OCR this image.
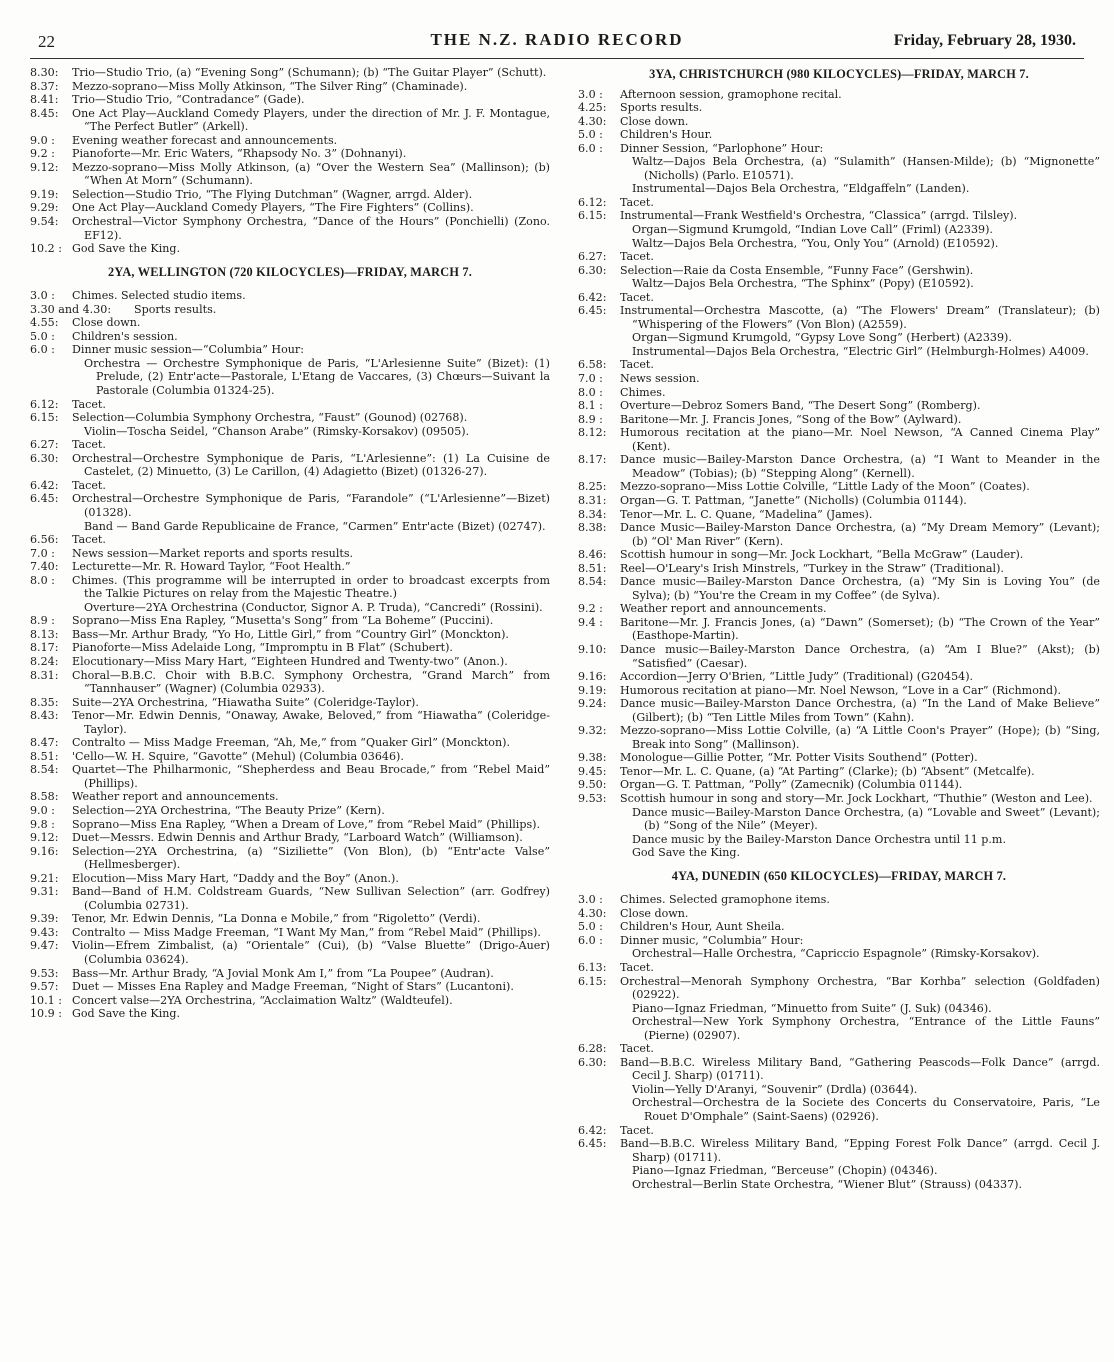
22	THE N.Z. RADIO RECORD	Friday, February 28, 1930.
8.30:	Trio—Studio Trio, (a) “Evening Song” (Schumann); (b) “The Guitar Player” (Schutt).
8.37:	Mezzo-soprano—Miss Molly Atkinson, “The Silver Ring” (Chaminade).
8.41:	Trio—Studio Trio, “Contradance” (Gade).
8.45:	One Act Play—Auckland Comedy Players, under the direction of Mr. J. F. Montague, “The Perfect Butler” (Arkell).
9.0 :	Evening weather forecast and announcements.
9.2 :	Pianoforte—Mr. Eric Waters, “Rhapsody No. 3” (Dohnanyi).
9.12:	Mezzo-soprano—Miss Molly Atkinson, (a) “Over the Western Sea” (Mallinson); (b) “When At Morn” (Schumann).
9.19:	Selection—Studio Trio, “The Flying Dutchman” (Wagner, arrgd. Alder).
9.29:	One Act Play—Auckland Comedy Players, “The Fire Fighters” (Collins).
9.54:	Orchestral—Victor Symphony Orchestra, “Dance of the Hours” (Ponchielli) (Zono. EF12).
10.2 : God Save the King.
2YA, WELLINGTON (720 KILOCYCLES)—FRIDAY, MARCH 7.
3.0 :	Chimes. Selected studio items.
3.30 and 4.30:	Sports results.
4.55:	Close down.
5.0 :	Children's session.
6.0 :	Dinner music session—“Columbia” Hour:
Orchestra — Orchestre Symphonique de Paris, “L'Arlesienne Suite” (Bizet): (1) Prelude, (2) Entr'acte—Pastorale, L'Etang de Vaccares, (3) Chœurs—Suivant la Pastorale (Columbia 01324-25).
6.12:	Tacet.
6.15:	Selection—Columbia Symphony Orchestra, “Faust” (Gounod) (02768).
Violin—Toscha Seidel, “Chanson Arabe” (Rimsky-Korsakov) (09505).
6.27:	Tacet.
6.30:	Orchestral—Orchestre Symphonique de Paris, “L'Arlesienne”: (1) La Cuisine de Castelet, (2) Minuetto, (3) Le Carillon, (4) Adagietto (Bizet) (01326-27).
6.42:	Tacet.
6.45:	Orchestral—Orchestre Symphonique de Paris, “Farandole” (“L'Arlesienne”—Bizet) (01328).
Band — Band Garde Republicaine de France, “Carmen” Entr'acte (Bizet) (02747).
6.56:	Tacet.
7.0 :	News session—Market reports and sports results.
7.40:	Lecturette—Mr. R. Howard Taylor, “Foot Health.”
8.0 :	Chimes. (This programme will be interrupted in order to broadcast excerpts from the Talkie Pictures on relay from the Majestic Theatre.)
Overture—2YA Orchestrina (Conductor, Signor A. P. Truda), “Cancredi” (Rossini).
8.9 :	Soprano—Miss Ena Rapley, “Musetta's Song” from “La Boheme” (Puccini).
8.13:	Bass—Mr. Arthur Brady, “Yo Ho, Little Girl,” from “Country Girl” (Monckton).
8.17:	Pianoforte—Miss Adelaide Long, “Impromptu in B Flat” (Schubert).
8.24:	Elocutionary—Miss Mary Hart, “Eighteen Hundred and Twenty-two” (Anon.).
8.31:	Choral—B.B.C. Choir with B.B.C. Symphony Orchestra, “Grand March” from “Tannhauser” (Wagner) (Columbia 02933).
8.35:	Suite—2YA Orchestrina, “Hiawatha Suite” (Coleridge-Taylor).
8.43:	Tenor—Mr. Edwin Dennis, “Onaway, Awake, Beloved,” from “Hiawatha” (Coleridge-Taylor).
8.47:	Contralto — Miss Madge Freeman, “Ah, Me,” from “Quaker Girl” (Monckton).
8.51:	'Cello—W. H. Squire, “Gavotte” (Mehul) (Columbia 03646).
8.54:	Quartet—The Philharmonic, “Shepherdess and Beau Brocade,” from “Rebel Maid” (Phillips).
8.58:	Weather report and announcements.
9.0 :	Selection—2YA Orchestrina, “The Beauty Prize” (Kern).
9.8 :	Soprano—Miss Ena Rapley, “When a Dream of Love,” from “Rebel Maid” (Phillips).
9.12:	Duet—Messrs. Edwin Dennis and Arthur Brady, “Larboard Watch” (Williamson).
9.16:	Selection—2YA Orchestrina, (a) “Siziliette” (Von Blon), (b) “Entr'acte Valse” (Hellmesberger).
9.21:	Elocution—Miss Mary Hart, “Daddy and the Boy” (Anon.).
9.31:	Band—Band of H.M. Coldstream Guards, “New Sullivan Selection” (arr. Godfrey) (Columbia 02731).
9.39:	Tenor, Mr. Edwin Dennis, “La Donna e Mobile,” from “Rigoletto” (Verdi).
9.43:	Contralto — Miss Madge Freeman, “I Want My Man,” from “Rebel Maid” (Phillips).
9.47:	Violin—Efrem Zimbalist, (a) “Orientale” (Cui), (b) “Valse Bluette” (Drigo-Auer) (Columbia 03624).
9.53:	Bass—Mr. Arthur Brady, “A Jovial Monk Am I,” from “La Poupee” (Audran).
9.57:	Duet — Misses Ena Rapley and Madge Freeman, “Night of Stars” (Lucantoni).
10.1 : Concert valse—2YA Orchestrina, “Acclaimation Waltz” (Waldteufel).
10.9 : God Save the King.
3YA, CHRISTCHURCH (980 KILOCYCLES)—FRIDAY, MARCH 7.
3.0 :	Afternoon session, gramophone recital.
4.25:	Sports results.
4.30:	Close down.
5.0 :	Children's Hour.
6.0 :	Dinner Session, “Parlophone” Hour:
Waltz—Dajos Bela Orchestra, (a) “Sulamith” (Hansen-Milde); (b) “Mignonette” (Nicholls) (Parlo. E10571).
Instrumental—Dajos Bela Orchestra, “Eldgaffeln” (Landen).
6.12:	Tacet.
6.15:	Instrumental—Frank Westfield's Orchestra, “Classica” (arrgd. Tilsley).
Organ—Sigmund Krumgold, “Indian Love Call” (Friml) (A2339).
Waltz—Dajos Bela Orchestra, “You, Only You” (Arnold) (E10592).
6.27:	Tacet.
6.30:	Selection—Raie da Costa Ensemble, “Funny Face” (Gershwin).
Waltz—Dajos Bela Orchestra, “The Sphinx” (Popy) (E10592).
6.42:	Tacet.
6.45:	Instrumental—Orchestra Mascotte, (a) “The Flowers' Dream” (Translateur); (b) “Whispering of the Flowers” (Von Blon) (A2559).
Organ—Sigmund Krumgold, “Gypsy Love Song” (Herbert) (A2339).
Instrumental—Dajos Bela Orchestra, “Electric Girl” (Helmburgh-Holmes) A4009.
6.58:	Tacet.
7.0 :	News session.
8.0 :	Chimes.
8.1 :	Overture—Debroz Somers Band, “The Desert Song” (Romberg).
8.9 :	Baritone—Mr. J. Francis Jones, “Song of the Bow” (Aylward).
8.12:	Humorous recitation at the piano—Mr. Noel Newson, “A Canned Cinema Play” (Kent).
8.17:	Dance music—Bailey-Marston Dance Orchestra, (a) “I Want to Meander in the Meadow” (Tobias); (b) “Stepping Along” (Kernell).
8.25:	Mezzo-soprano—Miss Lottie Colville, “Little Lady of the Moon” (Coates).
8.31:	Organ—G. T. Pattman, “Janette” (Nicholls) (Columbia 01144).
8.34:	Tenor—Mr. L. C. Quane, “Madelina” (James).
8.38:	Dance Music—Bailey-Marston Dance Orchestra, (a) “My Dream Memory” (Levant); (b) “Ol' Man River” (Kern).
8.46:	Scottish humour in song—Mr. Jock Lockhart, “Bella McGraw” (Lauder).
8.51:	Reel—O'Leary's Irish Minstrels, “Turkey in the Straw” (Traditional).
8.54:	Dance music—Bailey-Marston Dance Orchestra, (a) “My Sin is Loving You” (de Sylva); (b) “You're the Cream in my Coffee” (de Sylva).
9.2 :	Weather report and announcements.
9.4 :	Baritone—Mr. J. Francis Jones, (a) “Dawn” (Somerset); (b) “The Crown of the Year” (Easthope-Martin).
9.10:	Dance music—Bailey-Marston Dance Orchestra, (a) “Am I Blue?” (Akst); (b) “Satisfied” (Caesar).
9.16:	Accordion—Jerry O'Brien, “Little Judy” (Traditional) (G20454).
9.19:	Humorous recitation at piano—Mr. Noel Newson, “Love in a Car” (Richmond).
9.24:	Dance music—Bailey-Marston Dance Orchestra, (a) “In the Land of Make Believe” (Gilbert); (b) “Ten Little Miles from Town” (Kahn).
9.32:	Mezzo-soprano—Miss Lottie Colville, (a) “A Little Coon's Prayer” (Hope); (b) “Sing, Break into Song” (Mallinson).
9.38:	Monologue—Gillie Potter, “Mr. Potter Visits Southend” (Potter).
9.45:	Tenor—Mr. L. C. Quane, (a) “At Parting” (Clarke); (b) “Absent” (Metcalfe).
9.50:	Organ—G. T. Pattman, “Polly” (Zamecnik) (Columbia 01144).
9.53:	Scottish humour in song and story—Mr. Jock Lockhart, “Thuthie” (Weston and Lee).
Dance music—Bailey-Marston Dance Orchestra, (a) “Lovable and Sweet” (Levant); (b) “Song of the Nile” (Meyer).
Dance music by the Bailey-Marston Dance Orchestra until 11 p.m.
God Save the King.
4YA, DUNEDIN (650 KILOCYCLES)—FRIDAY, MARCH 7.
3.0 :	Chimes. Selected gramophone items.
4.30:	Close down.
5.0 :	Children's Hour, Aunt Sheila.
6.0 :	Dinner music, “Columbia” Hour:
Orchestral—Halle Orchestra, “Capriccio Espagnole” (Rimsky-Korsakov).
6.13:	Tacet.
6.15:	Orchestral—Menorah Symphony Orchestra, “Bar Korhba” selection (Goldfaden) (02922).
Piano—Ignaz Friedman, “Minuetto from Suite” (J. Suk) (04346).
Orchestral—New York Symphony Orchestra, “Entrance of the Little Fauns” (Pierne) (02907).
6.28:	Tacet.
6.30:	Band—B.B.C. Wireless Military Band, “Gathering Peascods—Folk Dance” (arrgd. Cecil J. Sharp) (01711).
Violin—Yelly D'Aranyi, “Souvenir” (Drdla) (03644).
Orchestral—Orchestra de la Societe des Concerts du Conservatoire, Paris, “Le Rouet D'Omphale” (Saint-Saens) (02926).
6.42:	Tacet.
6.45:	Band—B.B.C. Wireless Military Band, “Epping Forest Folk Dance” (arrgd. Cecil J. Sharp) (01711).
Piano—Ignaz Friedman, “Berceuse” (Chopin) (04346).
Orchestral—Berlin State Orchestra, “Wiener Blut” (Strauss) (04337).
